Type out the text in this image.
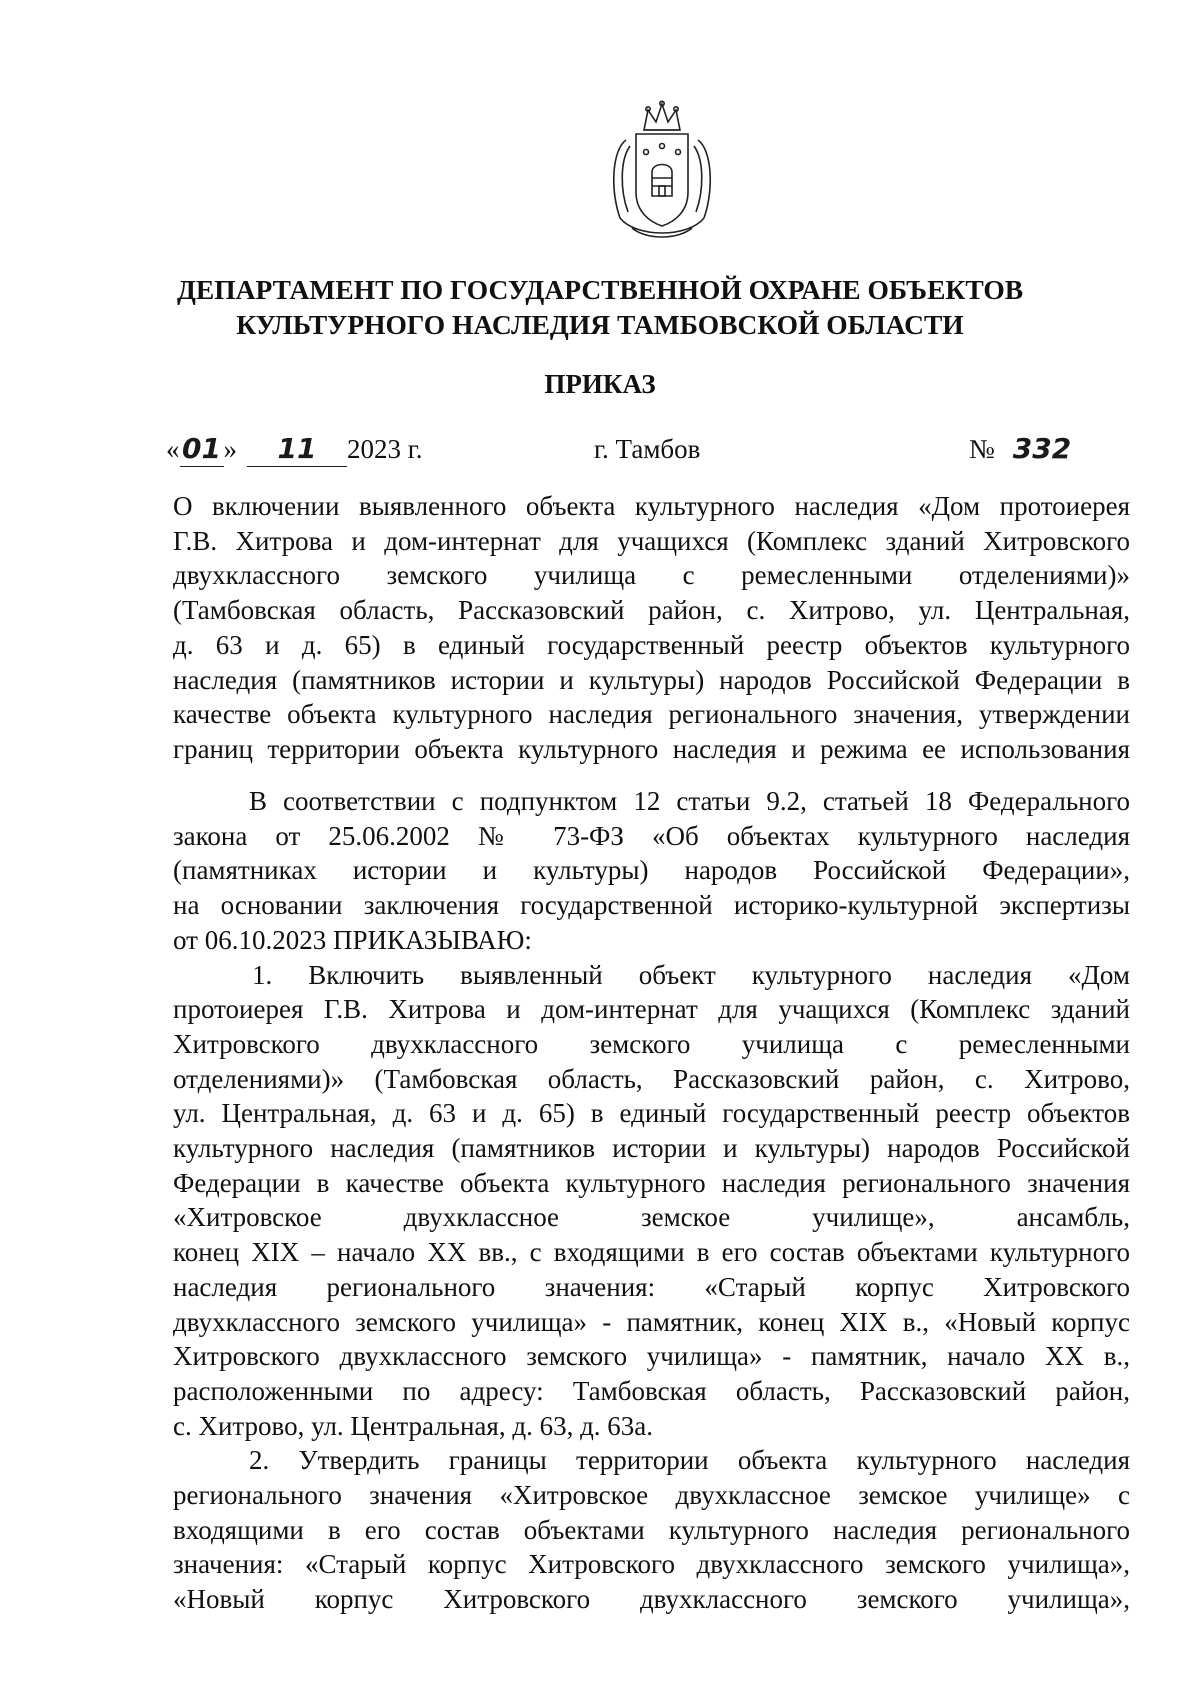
ДЕПАРТАМЕНТ ПО ГОСУДАРСТВЕННОЙ ОХРАНЕ ОБЪЕКТОВ
КУЛЬТУРНОГО НАСЛЕДИЯ ТАМБОВСКОЙ ОБЛАСТИ
ПРИКАЗ
«01» 11 2023 г.	г. Тамбов	№ 332
О включении выявленного объекта культурного наследия «Дом протоиерея
Г.В. Хитрова и дом-интернат для учащихся (Комплекс зданий Хитровского
двухклассного земского училища с ремесленными отделениями)»
(Тамбовская область, Рассказовский район, с. Хитрово, ул. Центральная,
д. 63 и д. 65) в единый государственный реестр объектов культурного
наследия (памятников истории и культуры) народов Российской Федерации в
качестве объекта культурного наследия регионального значения, утверждении
границ территории объекта культурного наследия и режима ее использования
В соответствии с подпунктом 12 статьи 9.2, статьей 18 Федерального
закона от 25.06.2002 № 73-ФЗ «Об объектах культурного наследия
(памятниках истории и культуры) народов Российской Федерации»,
на основании заключения государственной историко-культурной экспертизы
от 06.10.2023 ПРИКАЗЫВАЮ:
1. Включить выявленный объект культурного наследия «Дом
протоиерея Г.В. Хитрова и дом-интернат для учащихся (Комплекс зданий
Хитровского двухклассного земского училища с ремесленными
отделениями)» (Тамбовская область, Рассказовский район, с. Хитрово,
ул. Центральная, д. 63 и д. 65) в единый государственный реестр объектов
культурного наследия (памятников истории и культуры) народов Российской
Федерации в качестве объекта культурного наследия регионального значения
«Хитровское двухклассное земское училище», ансамбль,
конец XIX – начало XX вв., с входящими в его состав объектами культурного
наследия регионального значения: «Старый корпус Хитровского
двухклассного земского училища» - памятник, конец XIX в., «Новый корпус
Хитровского двухклассного земского училища» - памятник, начало XX в.,
расположенными по адресу: Тамбовская область, Рассказовский район,
с. Хитрово, ул. Центральная, д. 63, д. 63а.
2. Утвердить границы территории объекта культурного наследия
регионального значения «Хитровское двухклассное земское училище» с
входящими в его состав объектами культурного наследия регионального
значения: «Старый корпус Хитровского двухклассного земского училища»,
«Новый корпус Хитровского двухклассного земского училища»,
